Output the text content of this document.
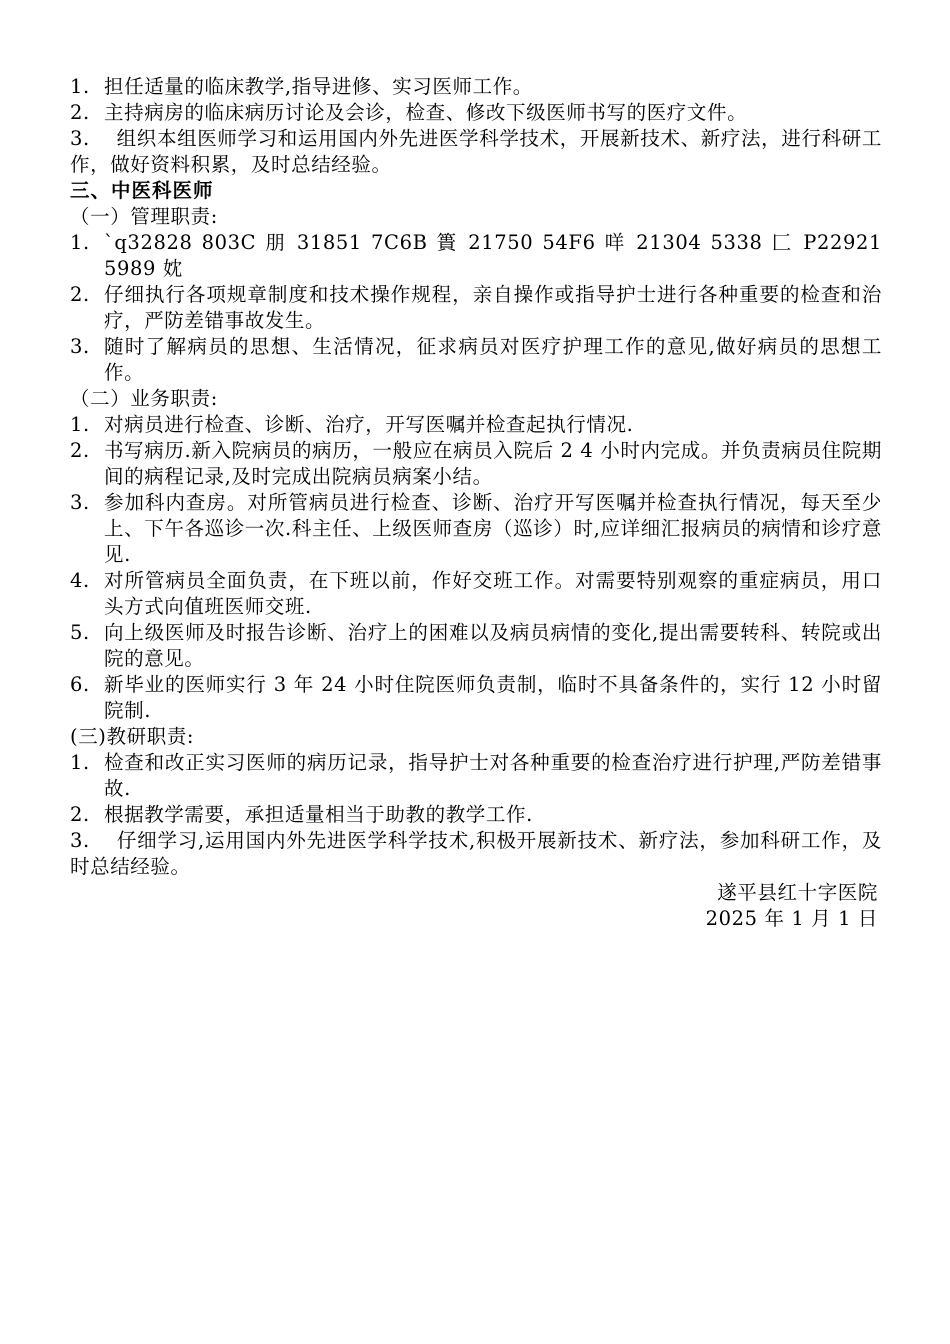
1. 担任适量的临床教学,指导进修、实习医师工作。
2. 主持病房的临床病历讨论及会诊，检查、修改下级医师书写的医疗文件。
3. 组织本组医师学习和运用国内外先进医学科学技术，开展新技术、新疗法，进行科研工作，做好资料积累，及时总结经验。
三、中医科医师
（一）管理职责:
1. `q32828 803C 朋 31851 7C6B 簣 21750 54F6 咩 21304 5338 匚 P22921 5989 妉
2. 仔细执行各项规章制度和技术操作规程，亲自操作或指导护士进行各种重要的检查和治疗，严防差错事故发生。
3. 随时了解病员的思想、生活情况，征求病员对医疗护理工作的意见,做好病员的思想工作。
（二）业务职责:
1. 对病员进行检查、诊断、治疗，开写医嘱并检查起执行情况.
2. 书写病历.新入院病员的病历，一般应在病员入院后 2 4 小时内完成。并负责病员住院期间的病程记录,及时完成出院病员病案小结。
3. 参加科内查房。对所管病员进行检查、诊断、治疗开写医嘱并检查执行情况，每天至少上、下午各巡诊一次.科主任、上级医师查房（巡诊）时,应详细汇报病员的病情和诊疗意见.
4. 对所管病员全面负责，在下班以前，作好交班工作。对需要特别观察的重症病员，用口头方式向值班医师交班.
5. 向上级医师及时报告诊断、治疗上的困难以及病员病情的变化,提出需要转科、转院或出院的意见。
6. 新毕业的医师实行 3 年 24 小时住院医师负责制，临时不具备条件的，实行 12 小时留院制.
(三)教研职责:
1. 检查和改正实习医师的病历记录，指导护士对各种重要的检查治疗进行护理,严防差错事故.
2. 根据教学需要，承担适量相当于助教的教学工作.
3. 仔细学习,运用国内外先进医学科学技术,积极开展新技术、新疗法，参加科研工作，及时总结经验。
遂平县红十字医院
2025 年 1 月 1 日
